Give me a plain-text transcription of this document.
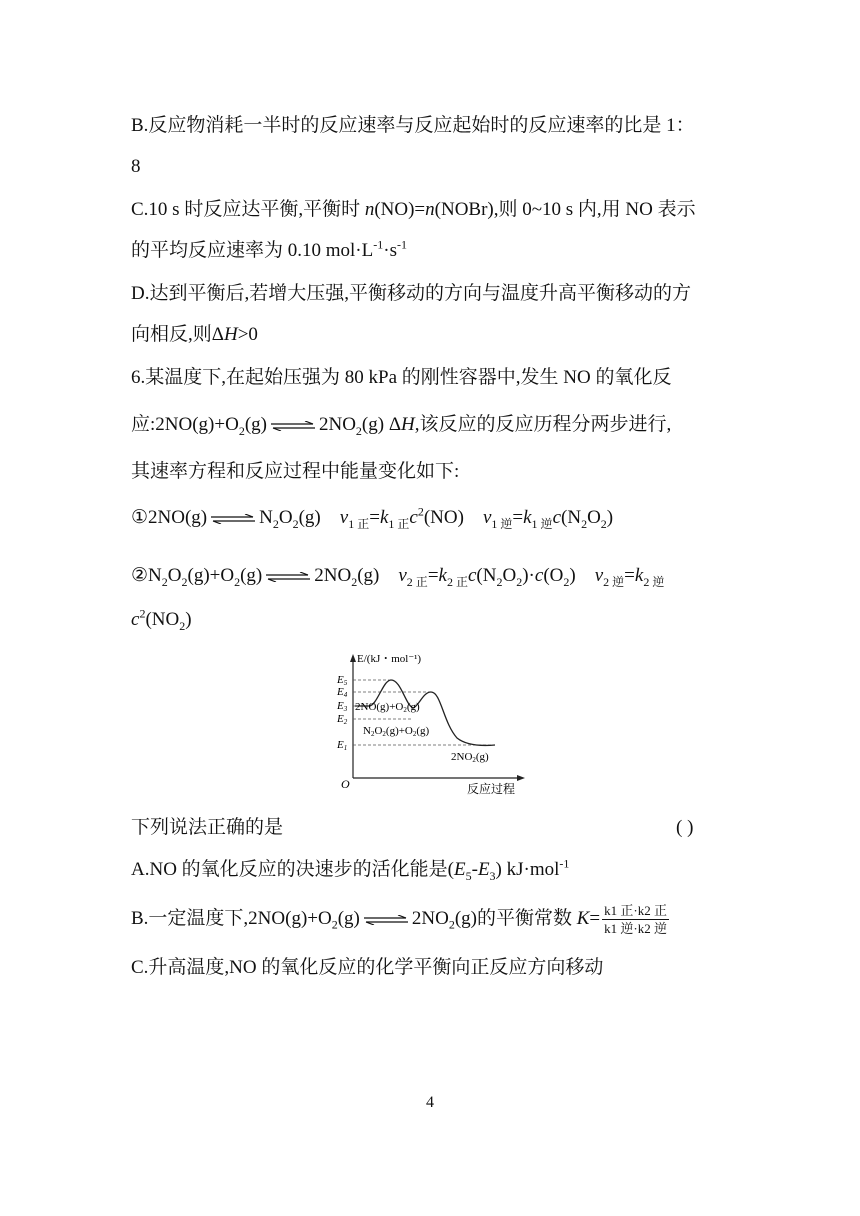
B.反应物消耗一半时的反应速率与反应起始时的反应速率的比是 1：
8
C.10 s 时反应达平衡,平衡时 n(NO)=n(NOBr),则 0~10 s 内,用 NO 表示
的平均反应速率为 0.10 $mol\cdot L^{-1}\cdot s^{-1}$
D.达到平衡后,若增大压强,平衡移动的方向与温度升高平衡移动的方
向相反,则ΔH>0
6.某温度下,在起始压强为 80 kPa 的刚性容器中,发生 NO 的氧化反
应$:2NO(g)+O_2(g)$	$2NO_2(g)$ ΔH,该反应的反应历程分两步进行,
其速率方程和反应过程中能量变化如下:
①2NO(g)	$N_2O_2(g)$ $v_{1 正}=k_{1 正}c^2(NO)$ $v_{1 逆}=k_{1 逆}c(N_2O_2)$
$②N_2O_2(g)+O_2(g)$	$2NO_2(g)$ $v_{2 正}=k_{2 正}c(N_2O_2)\cdot c(O_2)$ $v_{2 逆}=k_{2 逆}$
$c^2(NO_2)$
E/(kJ・mol⁻¹)
反应过程
O
E5
E4
E3
E2
E1
2NO(g)+O2(g)
N2O2(g)+O2(g)
2NO2(g)
下列说法正确的是	( )
A.NO 的氧化反应的决速步的活化能是$(E_5-E_3)$ kJ·mol$^{-1}$
B.一定温度下$,2NO(g)+O_2(g)$	$2NO_2(g)$的平衡常数 $K= \frac{\text{k1 正·k2 正}}{\text{k1 逆·k2 逆}}$
C.升高温度,NO 的氧化反应的化学平衡向正反应方向移动
4
